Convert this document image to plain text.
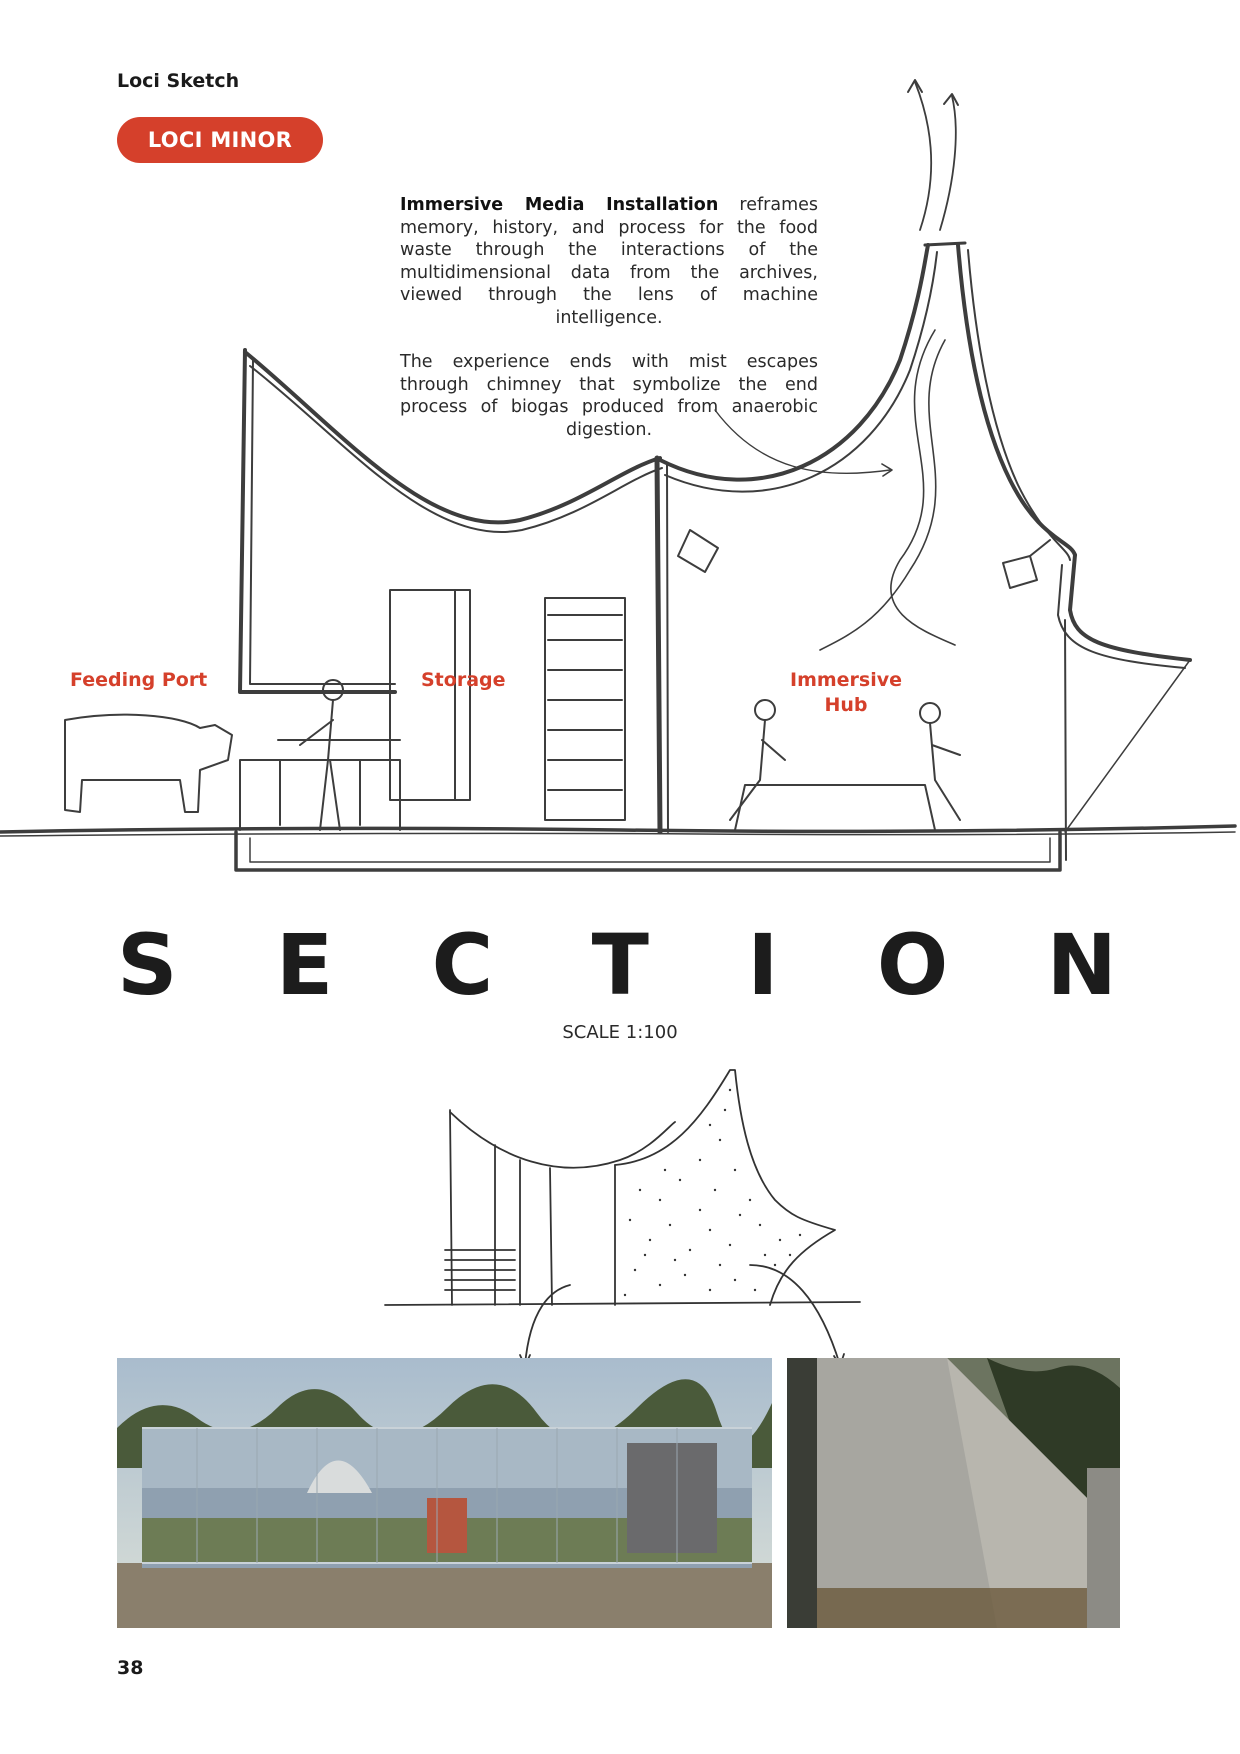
Loci Sketch
LOCI MINOR

Immersive Media Installation reframes memory, history, and process for the food waste through the interactions of the multidimensional data from the archives, viewed through the lens of machine intelligence.

The experience ends with mist escapes through chimney that symbolize the end process of biogas produced from anaerobic digestion.

Feeding Port	Storage	Immersive
Hub
S E C T I O N
SCALE 1:100
38
